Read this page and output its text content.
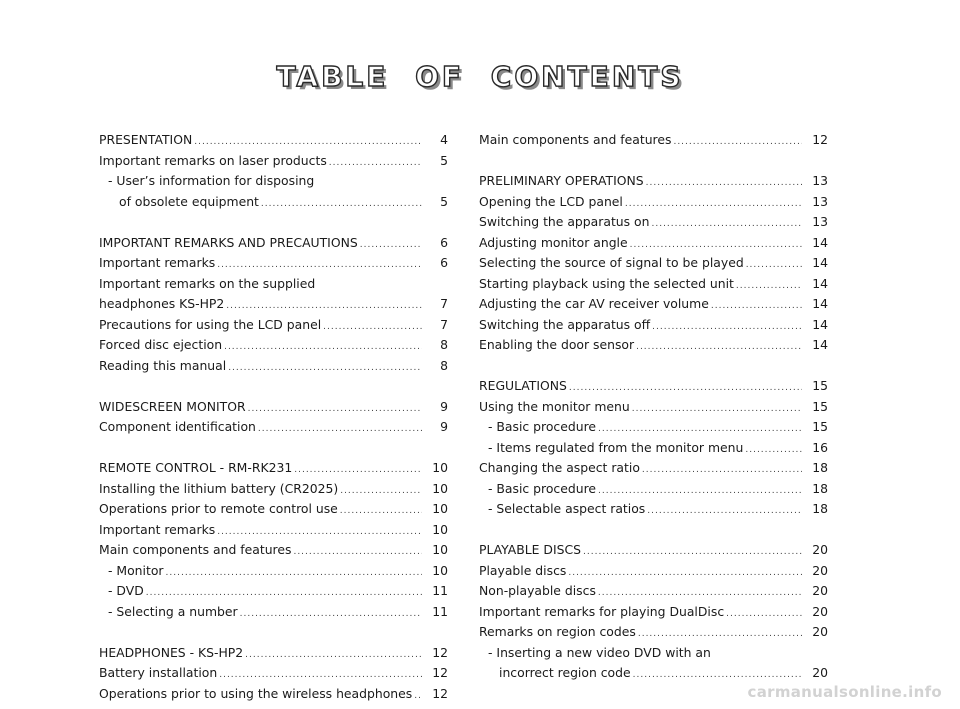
TABLE OF CONTENTS
PRESENTATION .....	4
Important remarks on laser products .....	5
- User’s information for disposing
of obsolete equipment .....	5
IMPORTANT REMARKS AND PRECAUTIONS .....	6
Important remarks .....	6
Important remarks on the supplied
headphones KS-HP2 .....	7
Precautions for using the LCD panel .....	7
Forced disc ejection .....	8
Reading this manual .....	8
WIDESCREEN MONITOR .....	9
Component identification .....	9
REMOTE CONTROL - RM-RK231 .....	10
Installing the lithium battery (CR2025) .....	10
Operations prior to remote control use .....	10
Important remarks .....	10
Main components and features .....	10
- Monitor .....	10
- DVD .....	11
- Selecting a number .....	11
HEADPHONES - KS-HP2 .....	12
Battery installation .....	12
Operations prior to using the wireless headphones .....	12
Main components and features .....	12
PRELIMINARY OPERATIONS .....	13
Opening the LCD panel .....	13
Switching the apparatus on .....	13
Adjusting monitor angle .....	14
Selecting the source of signal to be played .....	14
Starting playback using the selected unit .....	14
Adjusting the car AV receiver volume .....	14
Switching the apparatus off .....	14
Enabling the door sensor .....	14
REGULATIONS .....	15
Using the monitor menu .....	15
- Basic procedure .....	15
- Items regulated from the monitor menu .....	16
Changing the aspect ratio .....	18
- Basic procedure .....	18
- Selectable aspect ratios .....	18
PLAYABLE DISCS .....	20
Playable discs .....	20
Non-playable discs .....	20
Important remarks for playing DualDisc .....	20
Remarks on region codes .....	20
- Inserting a new video DVD with an
incorrect region code .....	20
carmanualsonline.info
